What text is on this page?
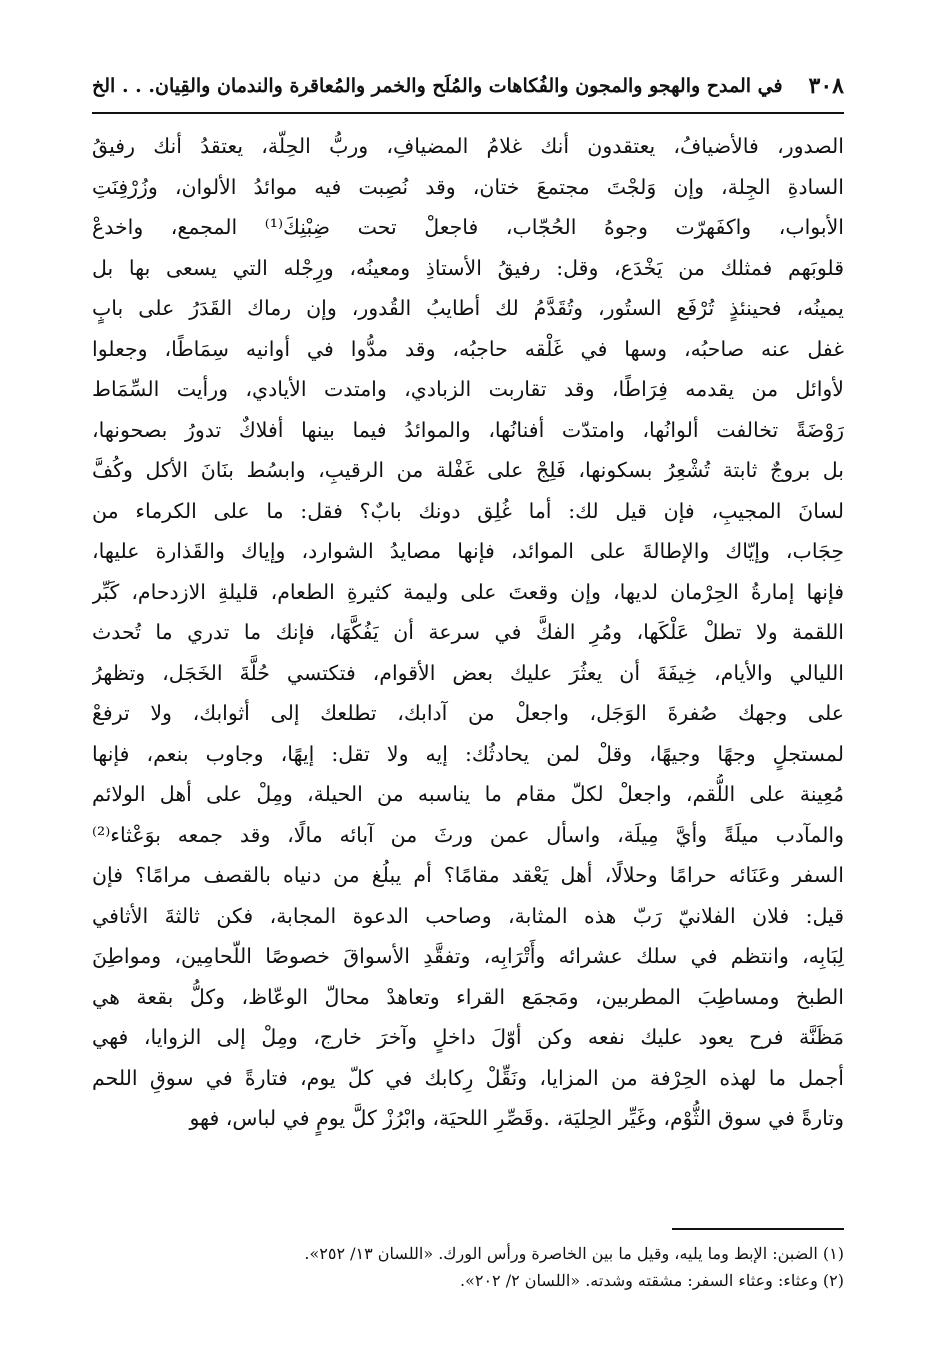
٣٠٨
في المدح والهجو والمجون والفُكاهات والمُلَح والخمر والمُعاقرة والندمان والقِيان. . . الخ
الصدور، فالأضيافُ، يعتقدون أنك غلامُ المضيافِ، وربُّ الحِلّة، يعتقدُ أنك رفيقُ
السادةِ الجِلة، وإن وَلجْتَ مجتمعَ ختان، وقد نُصِبت فيه موائدُ الألوان، وزُرْفِنَتِ
الأبواب، واكفَهرّت وجوهُ الحُجّاب، فاجعلْ تحت ضِبْنِكَ⁽¹⁾ المجمع، واخدعْ
قلوبَهم فمثلك من يَخْدَع، وقل: رفيقُ الأستاذِ ومعينُه، ورِجْله التي يسعى بها بل
يمينُه، فحينئذٍ تُرْفَع الستُور، وتُقَدَّمُ لك أطايبُ القُدور، وإن رماك القَدَرُ على بابٍ
غفل عنه صاحبُه، وسها في غَلْقه حاجبُه، وقد مدُّوا في أوانيه سِمَاطًا، وجعلوا
لأوائل من يقدمه فِرَاطًا، وقد تقاربت الزبادي، وامتدت الأيادي، ورأيت السِّمَاط
رَوْضَةً تخالفت ألوانُها، وامتدّت أفنانُها، والموائدُ فيما بينها أفلاكٌ تدورُ بصحونها،
بل بروجٌ ثابتة تُشْعِرُ بسكونها، فَلِجْ على غَفْلة من الرقيبِ، وابسُط بنَانَ الأكل وكُفَّ
لسانَ المجيبِ، فإن قيل لك: أما غُلِق دونك بابٌ؟ فقل: ما على الكرماء من
حِجَاب، وإيّاك والإطالةَ على الموائد، فإنها مصايدُ الشوارد، وإياك والقَذارة عليها،
فإنها إمارةُ الحِرْمان لديها، وإن وقعتَ على وليمة كثيرةِ الطعام، قليلةِ الازدحام، كَبِّر
اللقمة ولا تطلْ عَلْكَها، ومُرِ الفكَّ في سرعة أن يَفُكَّهَا، فإنك ما تدري ما تُحدث
الليالي والأيام، خِيفَةَ أن يعثُرَ عليك بعض الأقوام، فتكتسي حُلَّةَ الخَجَل، وتظهرُ
على وجهك صُفرةَ الوَجَل، واجعلْ من آدابك، تطلعك إلى أثوابك، ولا ترفعْ
لمستجلٍ وجهًا وجيهًا، وقلْ لمن يحادثُك: إيه ولا تقل: إيهًا، وجاوب بنعم، فإنها
مُعِينة على اللُّقم، واجعلْ لكلّ مقام ما يناسبه من الحيلة، ومِلْ على أهل الولائم
والمآدب ميلَةً وأيَّ مِيلَة، واسأل عمن ورثَ من آبائه مالًا، وقد جمعه بوَعْثاء⁽²⁾
السفر وعَنَائه حرامًا وحلالًا، أهل يَعْقد مقامًا؟ أم يبلُغ من دنياه بالقصف مرامًا؟ فإن
قيل: فلان الفلانيّ رَبّ هذه المثابة، وصاحب الدعوة المجابة، فكن ثالثةَ الأثافي
لِبَابِه، وانتظم في سلك عشرائه وأَتْرَابِه، وتفقَّدِ الأسواقَ خصوصًا اللّحامِين، ومواطِنَ
الطبخ ومساطِبَ المطربين، ومَجمَع القراء وتعاهدْ محالّ الوعّاظ، وكلُّ بقعة هي
مَظَنَّة فرح يعود عليك نفعه وكن أوّلَ داخلٍ وآخرَ خارج، ومِلْ إلى الزوايا، فهي
أجمل ما لهذه الحِرْفة من المزايا، ونَقِّلْ رِكابك في كلّ يوم، فتارةً في سوقِ اللحم
وتارةً في سوق الثُّوْم، وغَيِّر الحِليَة، .وقَصِّرِ اللحيَة، وابْرُزْ كلَّ يومٍ في لباس، فهو
(١) الضبن: الإبط وما يليه، وقيل ما بين الخاصرة ورأس الورك. «اللسان ١٣/ ٢٥٢».
(٢) وعثاء: وعثاء السفر: مشقته وشدته. «اللسان ٢/ ٢٠٢».
